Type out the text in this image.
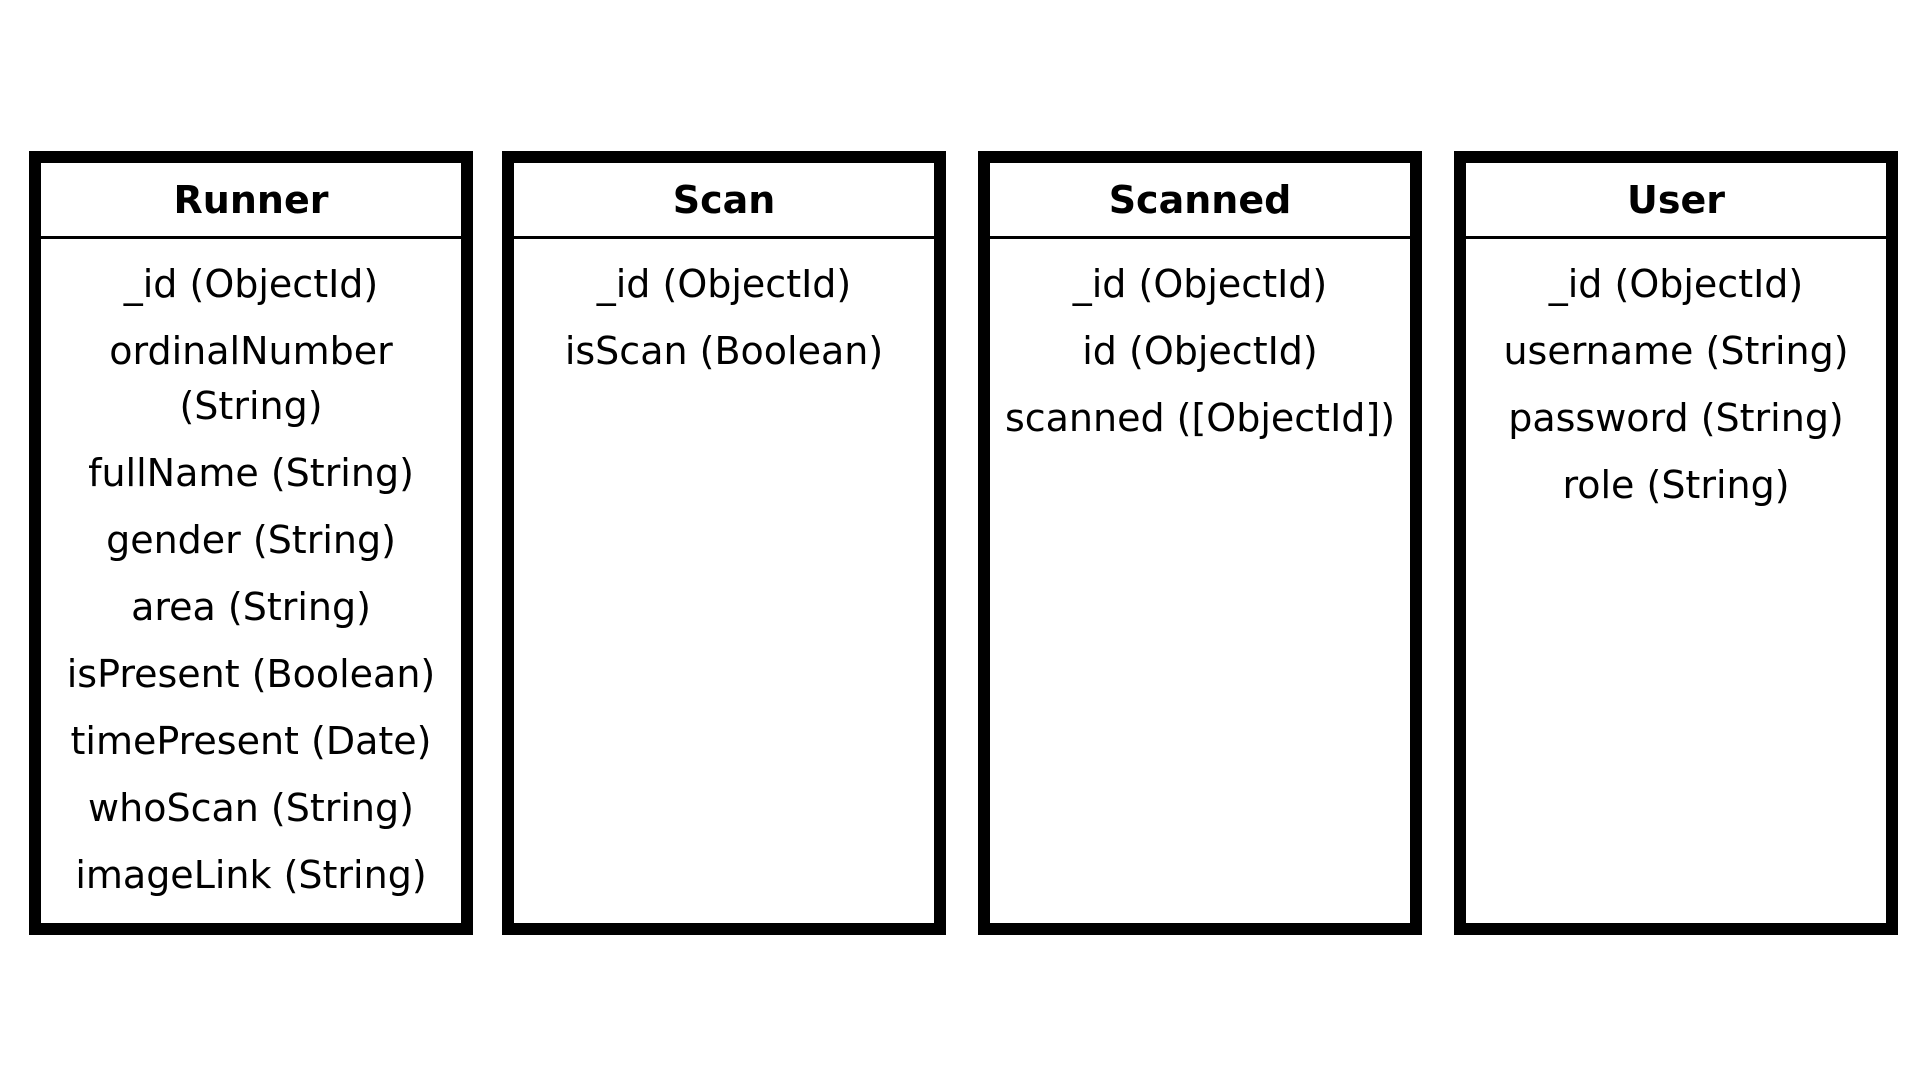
Runner
_id (ObjectId)
ordinalNumber
(String)
fullName (String)
gender (String)
area (String)
isPresent (Boolean)
timePresent (Date)
whoScan (String)
imageLink (String)
Scan
_id (ObjectId)
isScan (Boolean)
Scanned
_id (ObjectId)
id (ObjectId)
scanned ([ObjectId])
User
_id (ObjectId)
username (String)
password (String)
role (String)
